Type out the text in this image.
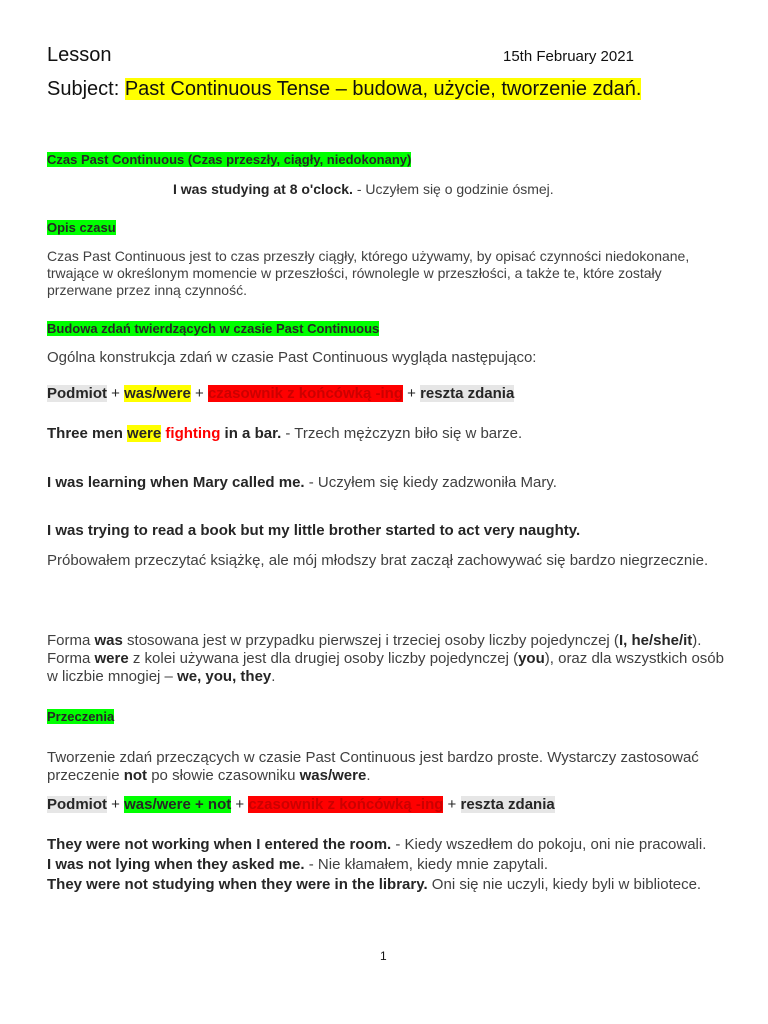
Lesson	15th February 2021
Subject: Past Continuous Tense – budowa, użycie, tworzenie zdań.
Czas Past Continuous (Czas przeszły, ciągły, niedokonany)
I was studying at 8 o'clock. - Uczyłem się o godzinie ósmej.
Opis czasu
Czas Past Continuous jest to czas przeszły ciągły, którego używamy, by opisać czynności niedokonane, trwające w określonym momencie w przeszłości, równolegle w przeszłości, a także te, które zostały przerwane przez inną czynność.
Budowa zdań twierdzących w czasie Past Continuous
Ogólna konstrukcja zdań w czasie Past Continuous wygląda następująco:
Podmiot + was/were + czasownik z końcówką -ing + reszta zdania
Three men were fighting in a bar. - Trzech mężczyzn biło się w barze.
I was learning when Mary called me. - Uczyłem się kiedy zadzwoniła Mary.
I was trying to read a book but my little brother started to act very naughty.
Próbowałem przeczytać książkę, ale mój młodszy brat zaczął zachowywać się bardzo niegrzecznie.
Forma was stosowana jest w przypadku pierwszej i trzeciej osoby liczby pojedynczej (I, he/she/it). Forma were z kolei używana jest dla drugiej osoby liczby pojedynczej (you), oraz dla wszystkich osób w liczbie mnogiej – we, you, they.
Przeczenia
Tworzenie zdań przeczących w czasie Past Continuous jest bardzo proste. Wystarczy zastosować przeczenie not po słowie czasowniku was/were.
Podmiot + was/were + not + czasownik z końcówką -ing + reszta zdania
They were not working when I entered the room. - Kiedy wszedłem do pokoju, oni nie pracowali.
I was not lying when they asked me. - Nie kłamałem, kiedy mnie zapytali.
They were not studying when they were in the library. Oni się nie uczyli, kiedy byli w bibliotece.
1
